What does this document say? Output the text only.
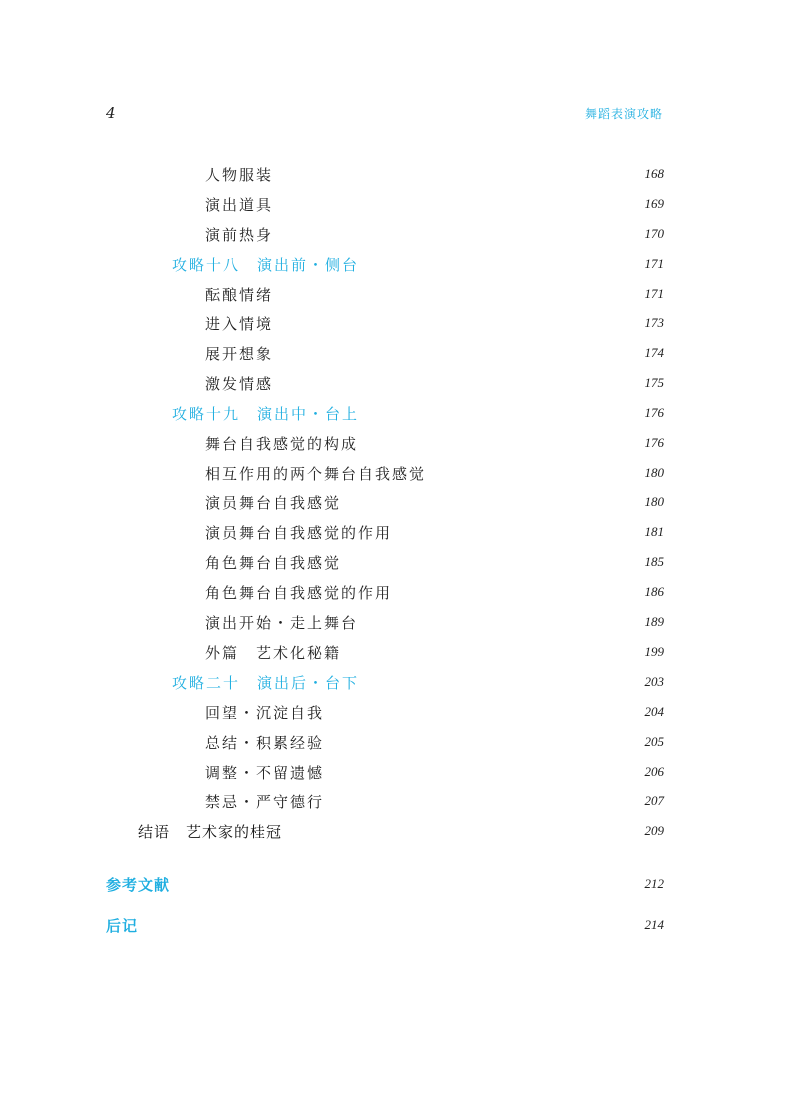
4	舞蹈表演攻略
人物服装	168
演出道具	169
演前热身	170
攻略十八　演出前・侧台	171
酝酿情绪	171
进入情境	173
展开想象	174
激发情感	175
攻略十九　演出中・台上	176
舞台自我感觉的构成	176
相互作用的两个舞台自我感觉	180
演员舞台自我感觉	180
演员舞台自我感觉的作用	181
角色舞台自我感觉	185
角色舞台自我感觉的作用	186
演出开始・走上舞台	189
外篇　艺术化秘籍	199
攻略二十　演出后・台下	203
回望・沉淀自我	204
总结・积累经验	205
调整・不留遗憾	206
禁忌・严守德行	207
结语　艺术家的桂冠	209
参考文献	212
后记	214
